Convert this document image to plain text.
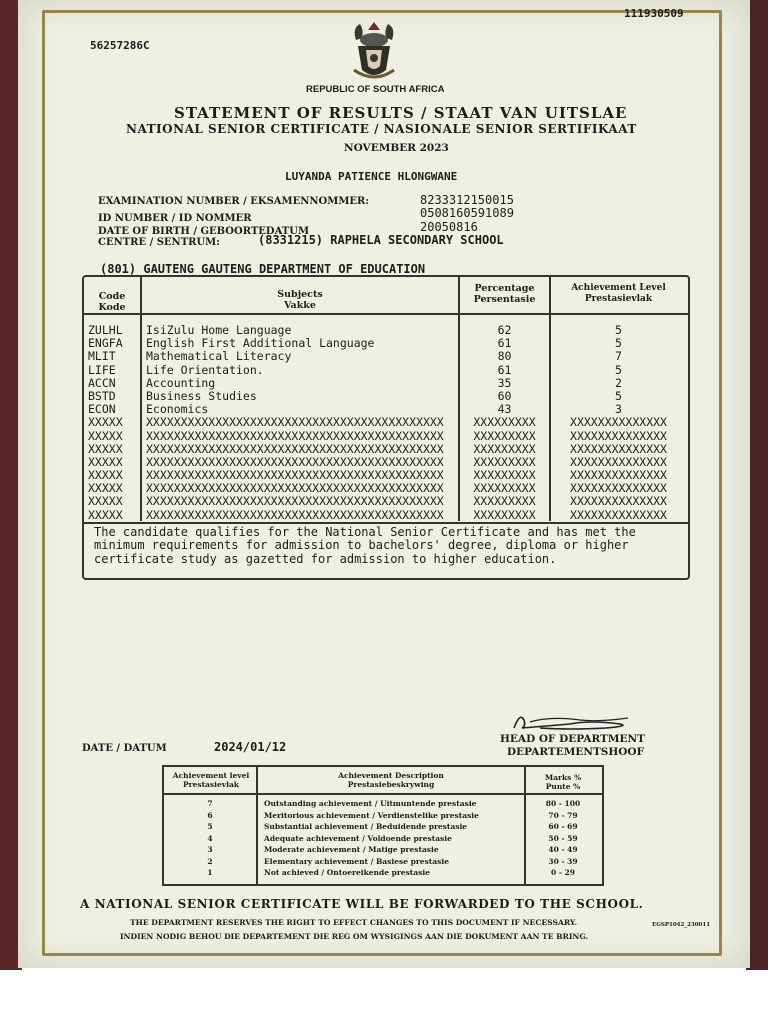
111930509
56257286C
REPUBLIC OF SOUTH AFRICA
STATEMENT OF RESULTS / STAAT VAN UITSLAE
NATIONAL SENIOR CERTIFICATE / NASIONALE SENIOR SERTIFIKAAT
NOVEMBER 2023
LUYANDA PATIENCE HLONGWANE
EXAMINATION NUMBER / EKSAMENNOMMER:	8233312150015
ID NUMBER / ID NOMMER	0508160591089
DATE OF BIRTH / GEBOORTEDATUM	20050816
CENTRE / SENTRUM:	(8331215) RAPHELA SECONDARY SCHOOL
(801) GAUTENG GAUTENG DEPARTMENT OF EDUCATION
Code
Kode
Subjects
Vakke
Percentage
Persentasie
Achievement Level
Prestasievlak
ZULHL IsiZulu Home Language	62	5
ENGFA English First Additional Language	61	5
MLIT	Mathematical Literacy	80	7
LIFE	Life Orientation.	61	5
ACCN	Accounting	35	2
BSTD	Business Studies	60	5
ECON	Economics	43	3
XXXXX XXXXXXXXXXXXXXXXXXXXXXXXXXXXXXXXXXXXXXXXXXX	XXXXXXXXX	XXXXXXXXXXXXXX
XXXXX XXXXXXXXXXXXXXXXXXXXXXXXXXXXXXXXXXXXXXXXXXX	XXXXXXXXX	XXXXXXXXXXXXXX
XXXXX XXXXXXXXXXXXXXXXXXXXXXXXXXXXXXXXXXXXXXXXXXX	XXXXXXXXX	XXXXXXXXXXXXXX
XXXXX XXXXXXXXXXXXXXXXXXXXXXXXXXXXXXXXXXXXXXXXXXX	XXXXXXXXX	XXXXXXXXXXXXXX
XXXXX XXXXXXXXXXXXXXXXXXXXXXXXXXXXXXXXXXXXXXXXXXX	XXXXXXXXX	XXXXXXXXXXXXXX
XXXXX XXXXXXXXXXXXXXXXXXXXXXXXXXXXXXXXXXXXXXXXXXX	XXXXXXXXX	XXXXXXXXXXXXXX
XXXXX XXXXXXXXXXXXXXXXXXXXXXXXXXXXXXXXXXXXXXXXXXX	XXXXXXXXX	XXXXXXXXXXXXXX
XXXXX XXXXXXXXXXXXXXXXXXXXXXXXXXXXXXXXXXXXXXXXXXX	XXXXXXXXX	XXXXXXXXXXXXXX
The candidate qualifies for the National Senior Certificate and has met the minimum requirements for admission to bachelors' degree, diploma or higher certificate study as gazetted for admission to higher education.
HEAD OF DEPARTMENT
DEPARTEMENTSHOOF
DATE / DATUM	2024/01/12
Achievement level
Prestasievlak
Achievement Description
Prestasiebeskrywing
Marks %
Punte %
7	Outstanding achievement / Uitmuntende prestasie	80 - 100
6	Meritorious achievement / Verdienstelike prestasie	70 - 79
5	Substantial achievement / Beduidende prestasie	60 - 69
4	Adequate achievement / Voldoende prestasie	50 - 59
3	Moderate achievement / Matige prestasie	40 - 49
2	Elementary achievement / Basiese prestasie	30 - 39
1	Not achieved / Ontoereikende prestasie	0 - 29
A NATIONAL SENIOR CERTIFICATE WILL BE FORWARDED TO THE SCHOOL.
THE DEPARTMENT RESERVES THE RIGHT TO EFFECT CHANGES TO THIS DOCUMENT IF NECESSARY.
INDIEN NODIG BEHOU DIE DEPARTEMENT DIE REG OM WYSIGINGS AAN DIE DOKUMENT AAN TE BRING.
EGSP1042_230011
